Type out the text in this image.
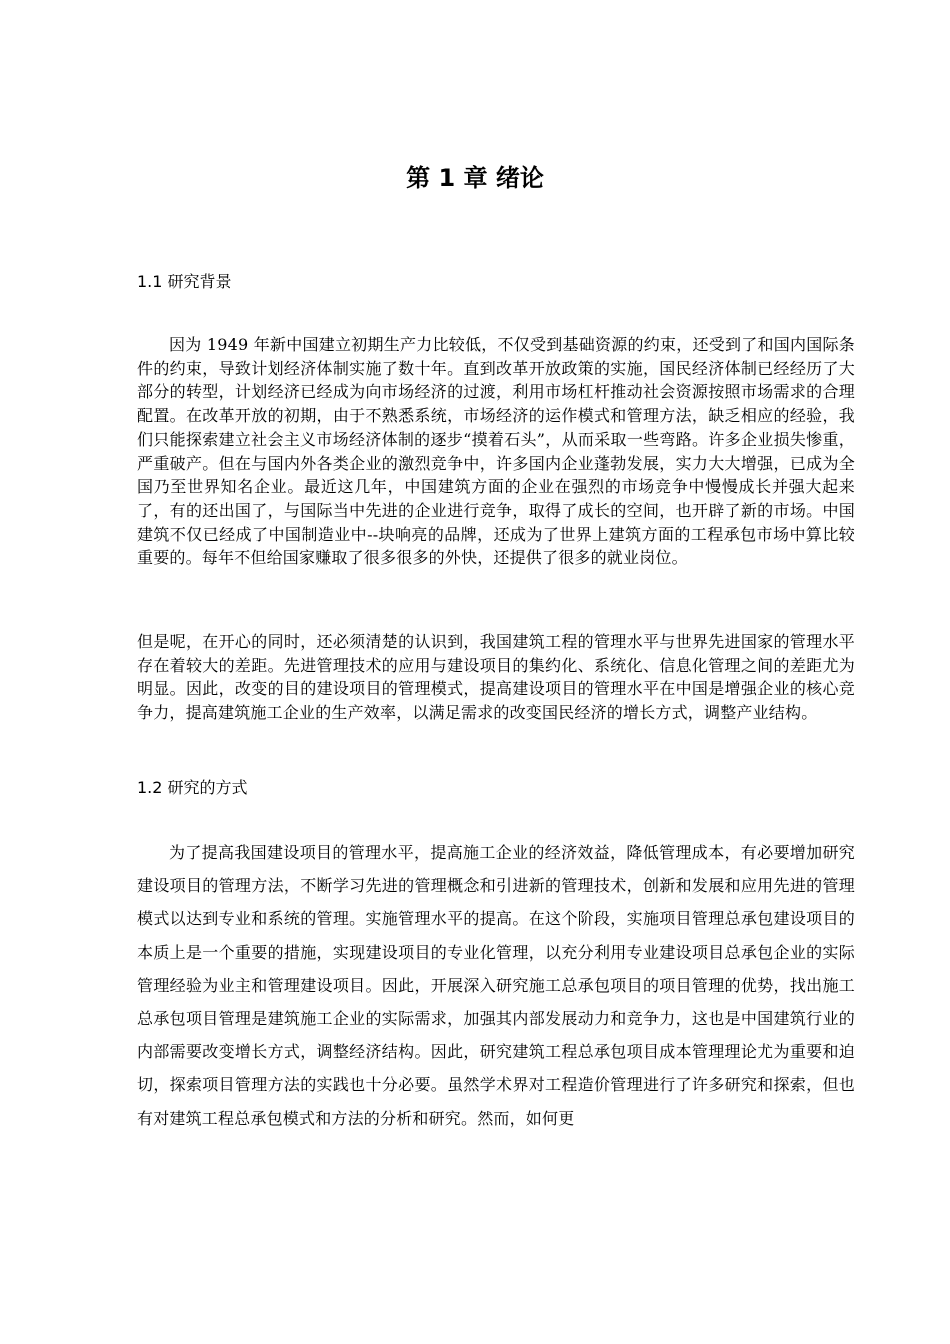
第 1 章 绪论
1.1 研究背景

因为 1949 年新中国建立初期生产力比较低，不仅受到基础资源的约束，还受到了和国内国际条件的约束，导致计划经济体制实施了数十年。直到改革开放政策的实施，国民经济体制已经经历了大部分的转型，计划经济已经成为向市场经济的过渡，利用市场杠杆推动社会资源按照市场需求的合理配置。在改革开放的初期，由于不熟悉系统，市场经济的运作模式和管理方法，缺乏相应的经验，我们只能探索建立社会主义市场经济体制的逐步“摸着石头”，从而采取一些弯路。许多企业损失惨重，严重破产。但在与国内外各类企业的激烈竞争中，许多国内企业蓬勃发展，实力大大增强，已成为全国乃至世界知名企业。最近这几年，中国建筑方面的企业在强烈的市场竞争中慢慢成长并强大起来了，有的还出国了，与国际当中先进的企业进行竞争，取得了成长的空间，也开辟了新的市场。中国建筑不仅已经成了中国制造业中--块响亮的品牌，还成为了世界上建筑方面的工程承包市场中算比较重要的。每年不但给国家赚取了很多很多的外快，还提供了很多的就业岗位。

但是呢，在开心的同时，还必须清楚的认识到，我国建筑工程的管理水平与世界先进国家的管理水平存在着较大的差距。先进管理技术的应用与建设项目的集约化、系统化、信息化管理之间的差距尤为明显。因此，改变的目的建设项目的管理模式，提高建设项目的管理水平在中国是增强企业的核心竞争力，提高建筑施工企业的生产效率，以满足需求的改变国民经济的增长方式，调整产业结构。

1.2 研究的方式

为了提高我国建设项目的管理水平，提高施工企业的经济效益，降低管理成本，有必要增加研究建设项目的管理方法，不断学习先进的管理概念和引进新的管理技术，创新和发展和应用先进的管理模式以达到专业和系统的管理。实施管理水平的提高。在这个阶段，实施项目管理总承包建设项目的本质上是一个重要的措施，实现建设项目的专业化管理，以充分利用专业建设项目总承包企业的实际管理经验为业主和管理建设项目。因此，开展深入研究施工总承包项目的项目管理的优势，找出施工总承包项目管理是建筑施工企业的实际需求，加强其内部发展动力和竞争力，这也是中国建筑行业的内部需要改变增长方式，调整经济结构。因此，研究建筑工程总承包项目成本管理理论尤为重要和迫切，探索项目管理方法的实践也十分必要。虽然学术界对工程造价管理进行了许多研究和探索，但也有对建筑工程总承包模式和方法的分析和研究。然而，如何更
